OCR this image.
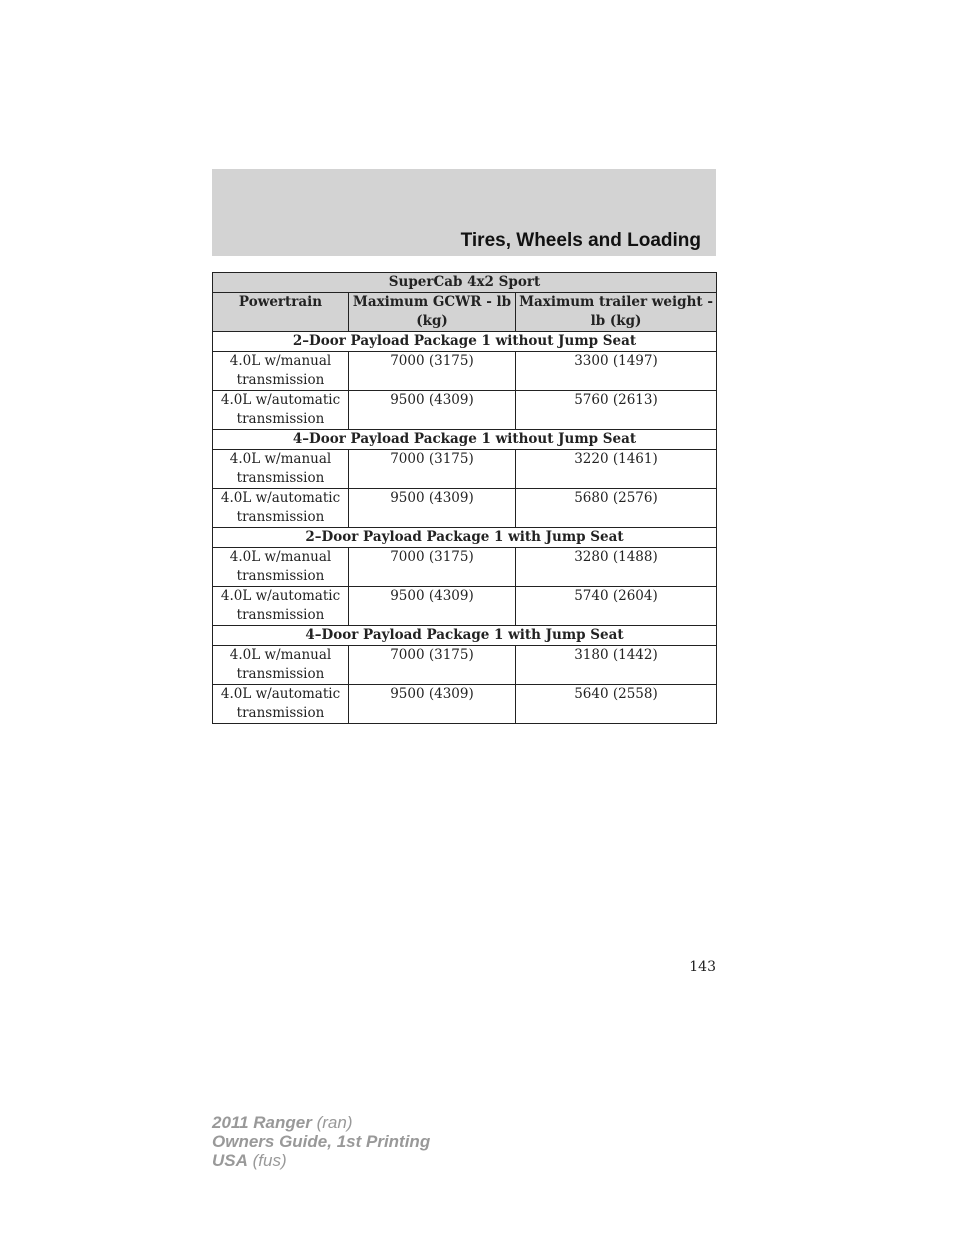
Tires, Wheels and Loading
SuperCab 4x2 Sport		
Powertrain	Maximum GCWR - lb (kg)	Maximum trailer weight - lb (kg)
2–Door Payload Package 1 without Jump Seat		
4.0L w/manual transmission	7000 (3175)	3300 (1497)
4.0L w/automatic transmission	9500 (4309)	5760 (2613)
4–Door Payload Package 1 without Jump Seat		
4.0L w/manual transmission	7000 (3175)	3220 (1461)
4.0L w/automatic transmission	9500 (4309)	5680 (2576)
2–Door Payload Package 1 with Jump Seat		
4.0L w/manual transmission	7000 (3175)	3280 (1488)
4.0L w/automatic transmission	9500 (4309)	5740 (2604)
4–Door Payload Package 1 with Jump Seat		
4.0L w/manual transmission	7000 (3175)	3180 (1442)
4.0L w/automatic transmission	9500 (4309)	5640 (2558)
143
2011 Ranger (ran)
Owners Guide, 1st Printing
USA (fus)
